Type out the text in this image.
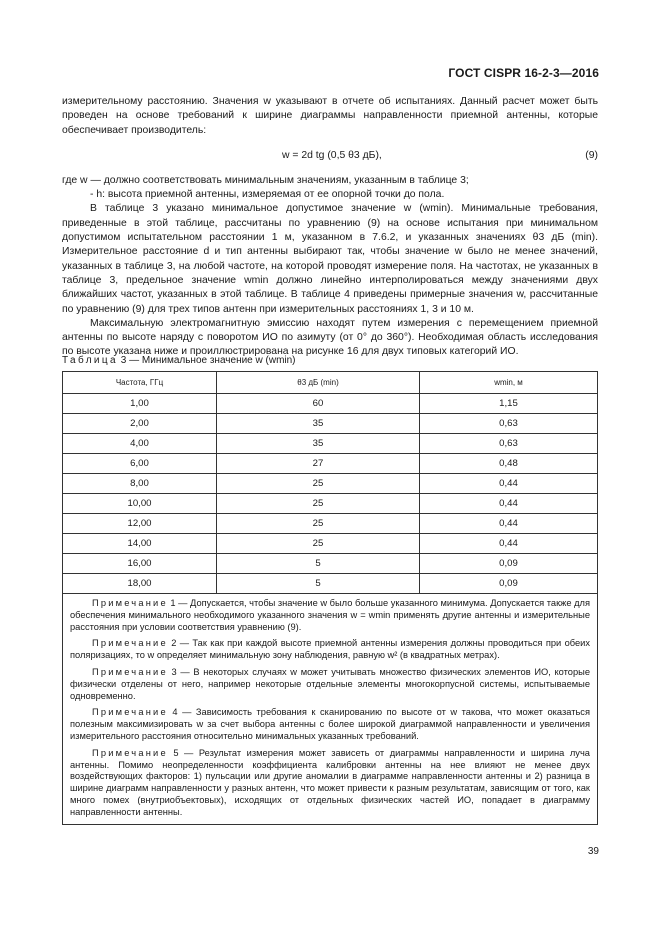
ГОСТ CISPR 16-2-3—2016

измерительному расстоянию. Значения w указывают в отчете об испытаниях. Данный расчет может быть проведен на основе требований к ширине диаграммы направленности приемной антенны, которые обеспечивает производитель:

w = 2d tg (0,5 θ3 дБ),	(9)

где w — должно соответствовать минимальным значениям, указанным в таблице 3;

- h: высота приемной антенны, измеряемая от ее опорной точки до пола.

В таблице 3 указано минимальное допустимое значение w (wmin). Минимальные требования, приведенные в этой таблице, рассчитаны по уравнению (9) на основе испытания при минимальном допустимом испытательном расстоянии 1 м, указанном в 7.6.2, и указанных значениях θ3 дБ (min). Измерительное расстояние d и тип антенны выбирают так, чтобы значение w было не менее значений, указанных в таблице 3, на любой частоте, на которой проводят измерение поля. На частотах, не указанных в таблице 3, предельное значение wmin должно линейно интерполироваться между значениями двух ближайших частот, указанных в этой таблице. В таблице 4 приведены примерные значения w, рассчитанные по уравнению (9) для трех типов антенн при измерительных расстояниях 1, 3 и 10 м.

Максимальную электромагнитную эмиссию находят путем измерения с перемещением приемной антенны по высоте наряду с поворотом ИО по азимуту (от 0° до 360°). Необходимая область исследования по высоте указана ниже и проиллюстрирована на рисунке 16 для двух типовых категорий ИО.

Таблица 3 — Минимальное значение w (wmin)
Частота, ГГц	θ3 дБ (min)	wmin, м
1,00	60	1,15
2,00	35	0,63
4,00	35	0,63
6,00	27	0,48
8,00	25	0,44
10,00	25	0,44
12,00	25	0,44
14,00	25	0,44
16,00	5	0,09
18,00	5	0,09

Примечание 1 — Допускается, чтобы значение w было больше указанного минимума. Допускается также для обеспечения минимального необходимого указанного значения w = wmin применять другие антенны и измерительные расстояния при условии соответствия уравнению (9).

Примечание 2 — Так как при каждой высоте приемной антенны измерения должны проводиться при обеих поляризациях, то w определяет минимальную зону наблюдения, равную w² (в квадратных метрах).

Примечание 3 — В некоторых случаях w может учитывать множество физических элементов ИО, которые физически отделены от него, например некоторые отдельные элементы многокорпусной системы, испытываемые одновременно.

Примечание 4 — Зависимость требования к сканированию по высоте от w такова, что может оказаться полезным максимизировать w за счет выбора антенны с более широкой диаграммой направленности и увеличения измерительного расстояния относительно минимальных указанных требований.

Примечание 5 — Результат измерения может зависеть от диаграммы направленности и ширина луча антенны. Помимо неопределенности коэффициента калибровки антенны на нее влияют не менее двух воздействующих факторов: 1) пульсации или другие аномалии в диаграмме направленности антенны и 2) разница в ширине диаграмм направленности у разных антенн, что может привести к разным результатам, зависящим от того, как много помех (внутриобъектовых), исходящих от отдельных физических частей ИО, попадает в диаграмму направленности антенны.		

39
